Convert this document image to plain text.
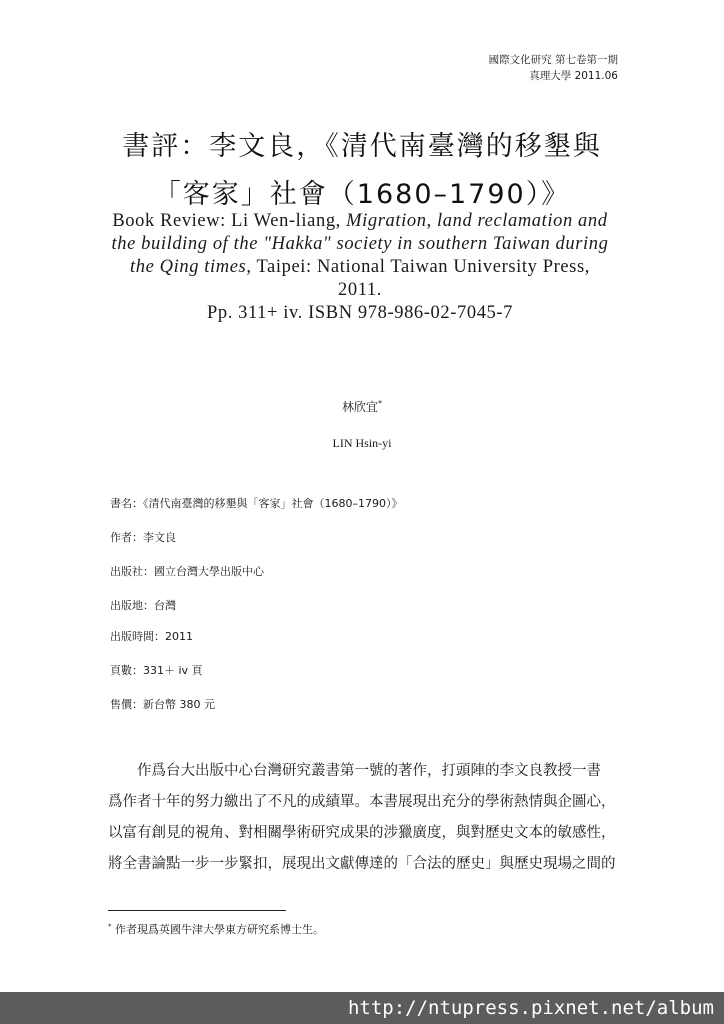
國際文化研究 第七卷第一期
真理大學 2011.06
書評：李文良，《清代南臺灣的移墾與
「客家」社會（1680–1790）》
Book Review: Li Wen-liang, Migration, land reclamation and
the building of the "Hakka" society in southern Taiwan during
the Qing times, Taipei: National Taiwan University Press,
2011.
Pp. 311+ iv. ISBN 978-986-02-7045-7
林欣宜*
LIN Hsin-yi
書名：《清代南臺灣的移墾與「客家」社會（1680–1790）》
作者：李文良
出版社：國立台灣大學出版中心
出版地：台灣
出版時間：2011
頁數：331＋ iv 頁
售價：新台幣 380 元

作爲台大出版中心台灣研究叢書第一號的著作，打頭陣的李文良教授一書

爲作者十年的努力繳出了不凡的成績單。本書展現出充分的學術熱情與企圖心，

以富有創見的視角、對相關學術研究成果的涉獵廣度，與對歷史文本的敏感性，

將全書論點一步一步緊扣，展現出文獻傳達的「合法的歷史」與歷史現場之間的

* 作者現爲英國牛津大學東方研究系博士生。
http://ntupress.pixnet.net/album
